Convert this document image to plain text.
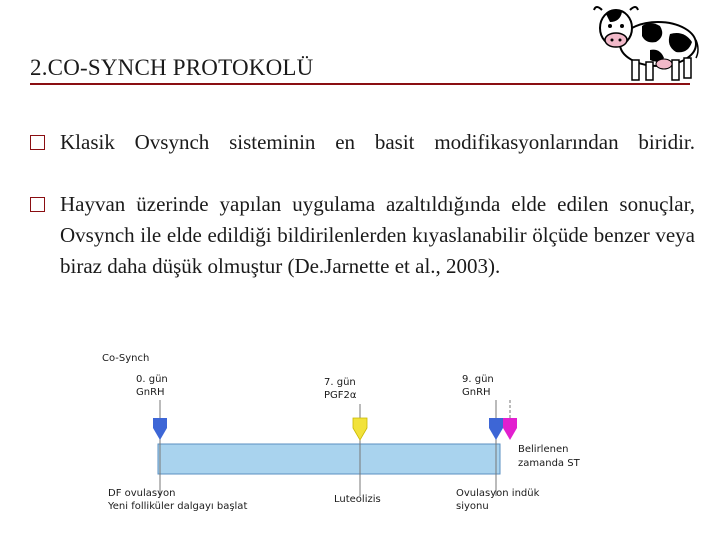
2.CO-SYNCH PROTOKOLÜ
Klasik Ovsynch sisteminin en basit modifikasyonlarından biridir.
Hayvan üzerinde yapılan uygulama azaltıldığında elde edilen sonuçlar, Ovsynch ile elde edildiği bildirilenlerden kıyaslanabilir ölçüde benzer veya biraz daha düşük olmuştur (De.Jarnette et al., 2003).
Co-Synch
0. gün
GnRH
7. gün
PGF2α
9. gün
GnRH
Belirlenen
zamanda ST
DF ovulasyon
Yeni folliküler dalgayı başlat
Luteolizis
Ovulasyon indük
siyonu
